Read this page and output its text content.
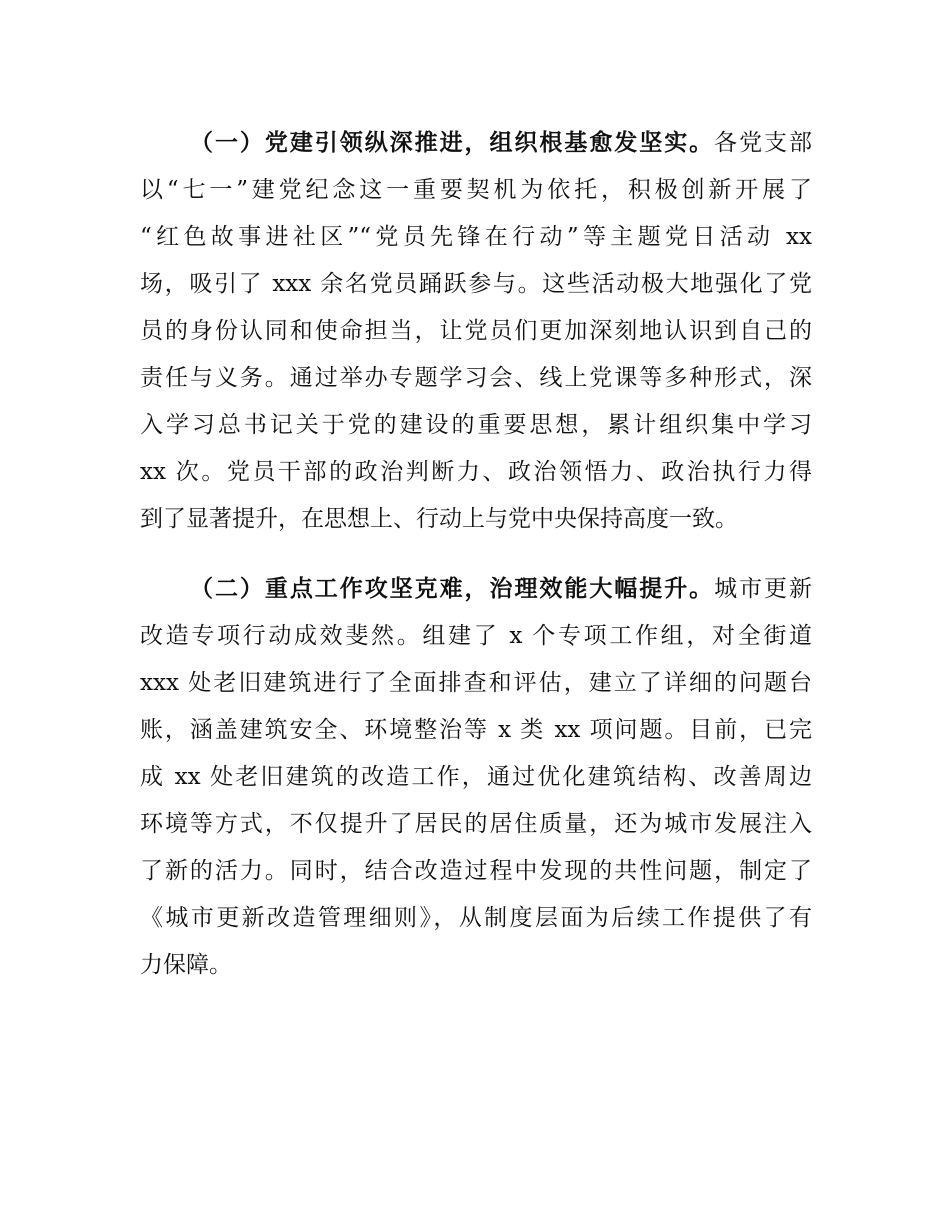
（一）党建引领纵深推进，组织根基愈发坚实。各党支部
以“七一”建党纪念这一重要契机为依托，积极创新开展了
“红色故事进社区”“党员先锋在行动”等主题党日活动 xx
场，吸引了 xxx 余名党员踊跃参与。这些活动极大地强化了党
员的身份认同和使命担当，让党员们更加深刻地认识到自己的
责任与义务。通过举办专题学习会、线上党课等多种形式，深
入学习总书记关于党的建设的重要思想，累计组织集中学习
xx 次。党员干部的政治判断力、政治领悟力、政治执行力得
到了显著提升，在思想上、行动上与党中央保持高度一致。
（二）重点工作攻坚克难，治理效能大幅提升。城市更新
改造专项行动成效斐然。组建了 x 个专项工作组，对全街道
xxx 处老旧建筑进行了全面排查和评估，建立了详细的问题台
账，涵盖建筑安全、环境整治等 x 类 xx 项问题。目前，已完
成 xx 处老旧建筑的改造工作，通过优化建筑结构、改善周边
环境等方式，不仅提升了居民的居住质量，还为城市发展注入
了新的活力。同时，结合改造过程中发现的共性问题，制定了
《城市更新改造管理细则》，从制度层面为后续工作提供了有
力保障。
